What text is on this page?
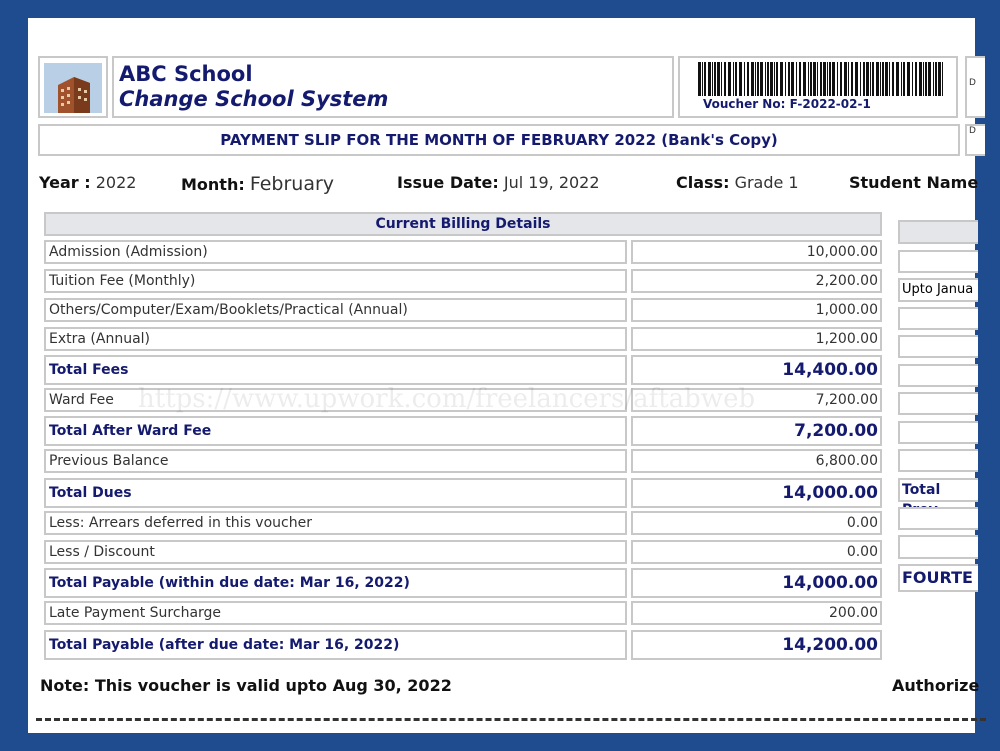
ABC School
Change School System	Voucher No: F-2022-02-1
D
D
PAYMENT SLIP FOR THE MONTH OF FEBRUARY 2022 (Bank's Copy)
Year : 2022	Month: February	Issue Date: Jul 19, 2022	Class: Grade 1	Student Name
Current Billing Details
Admission (Admission)	10,000.00
Tuition Fee (Monthly)	2,200.00
Others/Computer/Exam/Booklets/Practical (Annual)	1,000.00
Extra (Annual)	1,200.00
Total Fees	14,400.00
Ward Fee	7,200.00
Total After Ward Fee	7,200.00
Previous Balance	6,800.00
Total Dues	14,000.00
Less: Arrears deferred in this voucher	0.00
Less / Discount	0.00
Total Payable (within due date: Mar 16, 2022)	14,000.00
Late Payment Surcharge	200.00
Total Payable (after due date: Mar 16, 2022)	14,200.00
Upto Janua
Total
FOURTE
https://www.upwork.com/freelancers/aftabweb
Note: This voucher is valid upto Aug 30, 2022	Authorize
